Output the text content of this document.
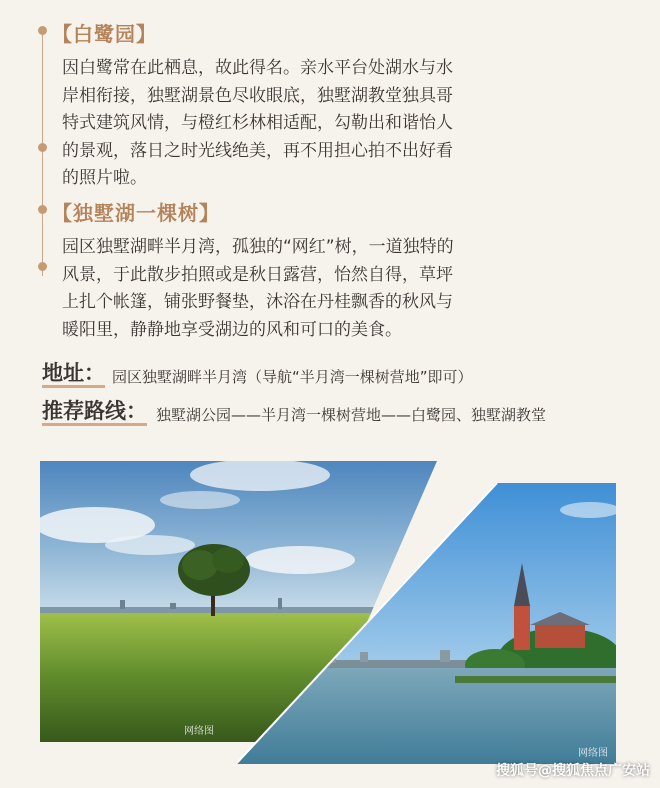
【白鹭园】
因白鹭常在此栖息，故此得名。亲水平台处湖水与水
岸相衔接，独墅湖景色尽收眼底，独墅湖教堂独具哥
特式建筑风情，与橙红杉林相适配，勾勒出和谐怡人
的景观，落日之时光线绝美，再不用担心拍不出好看
的照片啦。
【独墅湖一棵树】
园区独墅湖畔半月湾，孤独的“网红”树，一道独特的
风景，于此散步拍照或是秋日露营，怡然自得，草坪
上扎个帐篷，铺张野餐垫，沐浴在丹桂飘香的秋风与
暖阳里，静静地享受湖边的风和可口的美食。
地址： 园区独墅湖畔半月湾（导航“半月湾一棵树营地”即可）
推荐路线： 独墅湖公园——半月湾一棵树营地——白鹭园、独墅湖教堂
网络图
网络图
搜狐号@搜狐焦点广安站
